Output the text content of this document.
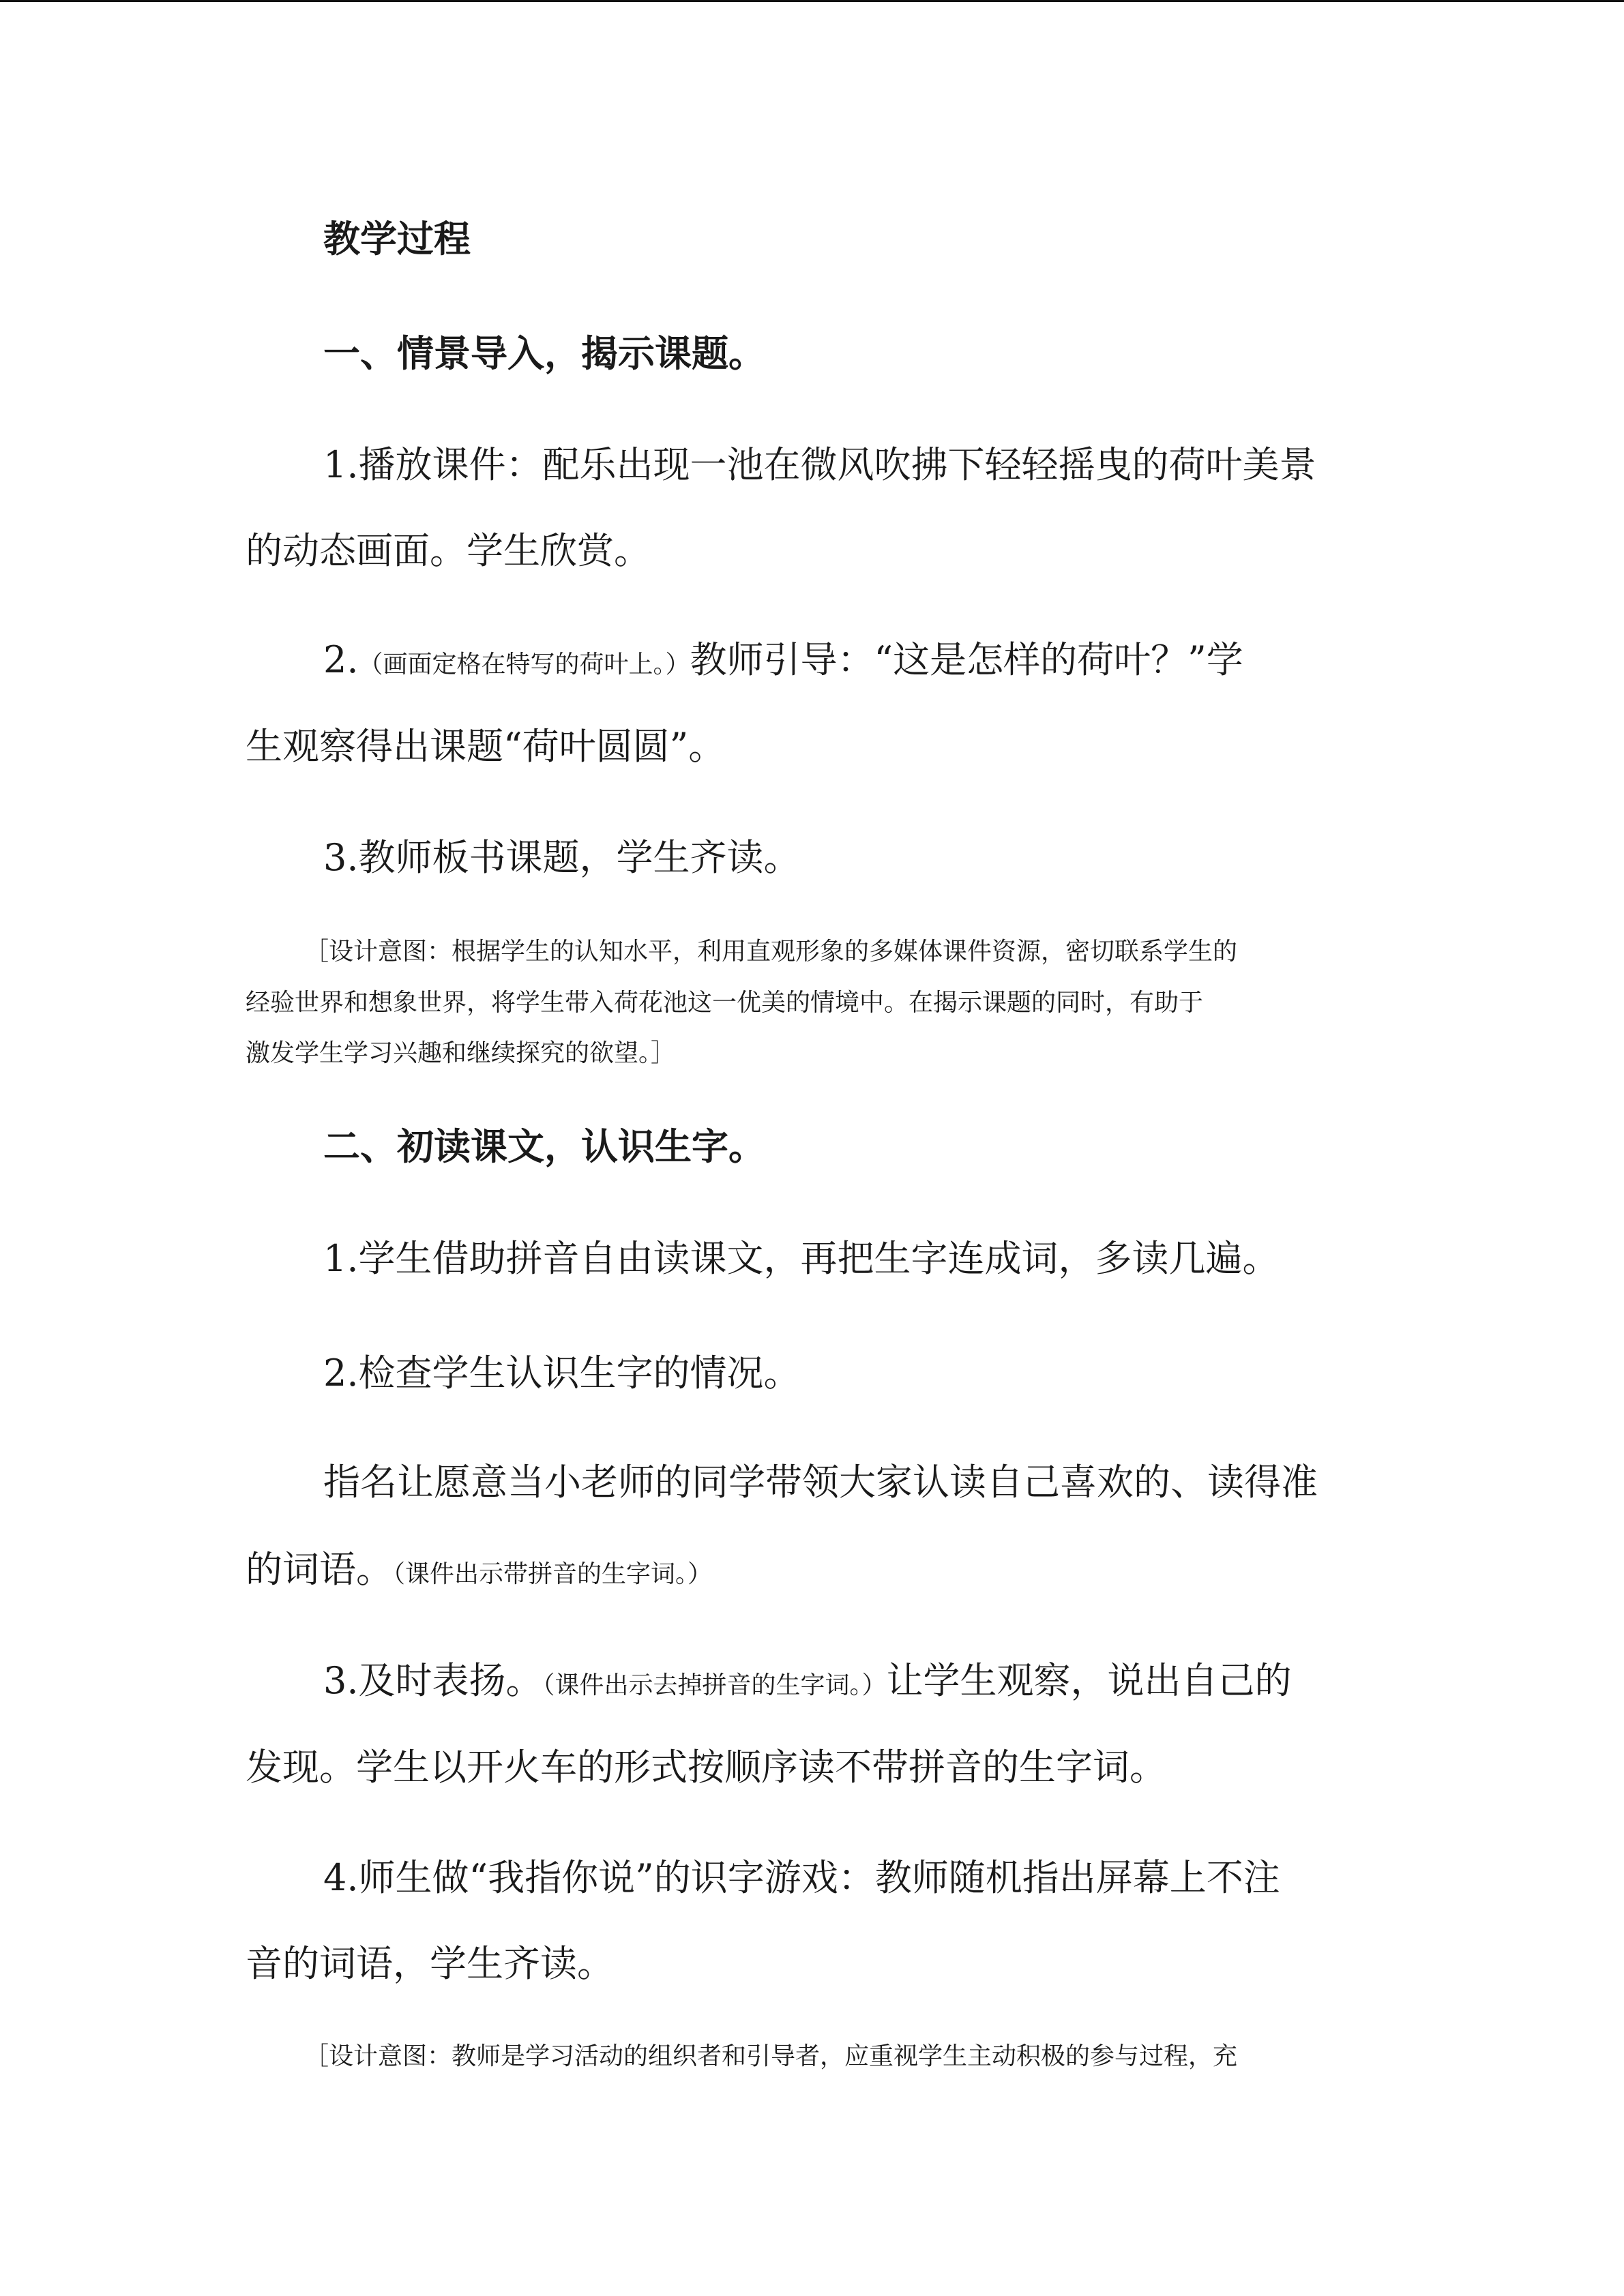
教学过程
一、情景导入，揭示课题。
1.播放课件：配乐出现一池在微风吹拂下轻轻摇曳的荷叶美景
的动态画面。学生欣赏。
2.（画面定格在特写的荷叶上。）教师引导：“这是怎样的荷叶？”学
生观察得出课题“荷叶圆圆”。
3.教师板书课题，学生齐读。
［设计意图：根据学生的认知水平，利用直观形象的多媒体课件资源，密切联系学生的
经验世界和想象世界，将学生带入荷花池这一优美的情境中。在揭示课题的同时，有助于
激发学生学习兴趣和继续探究的欲望。］
二、初读课文，认识生字。
1.学生借助拼音自由读课文，再把生字连成词，多读几遍。
2.检查学生认识生字的情况。
指名让愿意当小老师的同学带领大家认读自己喜欢的、读得准
的词语。（课件出示带拼音的生字词。）
3.及时表扬。（课件出示去掉拼音的生字词。）让学生观察，说出自己的
发现。学生以开火车的形式按顺序读不带拼音的生字词。
4.师生做“我指你说”的识字游戏：教师随机指出屏幕上不注
音的词语，学生齐读。
［设计意图：教师是学习活动的组织者和引导者，应重视学生主动积极的参与过程，充
